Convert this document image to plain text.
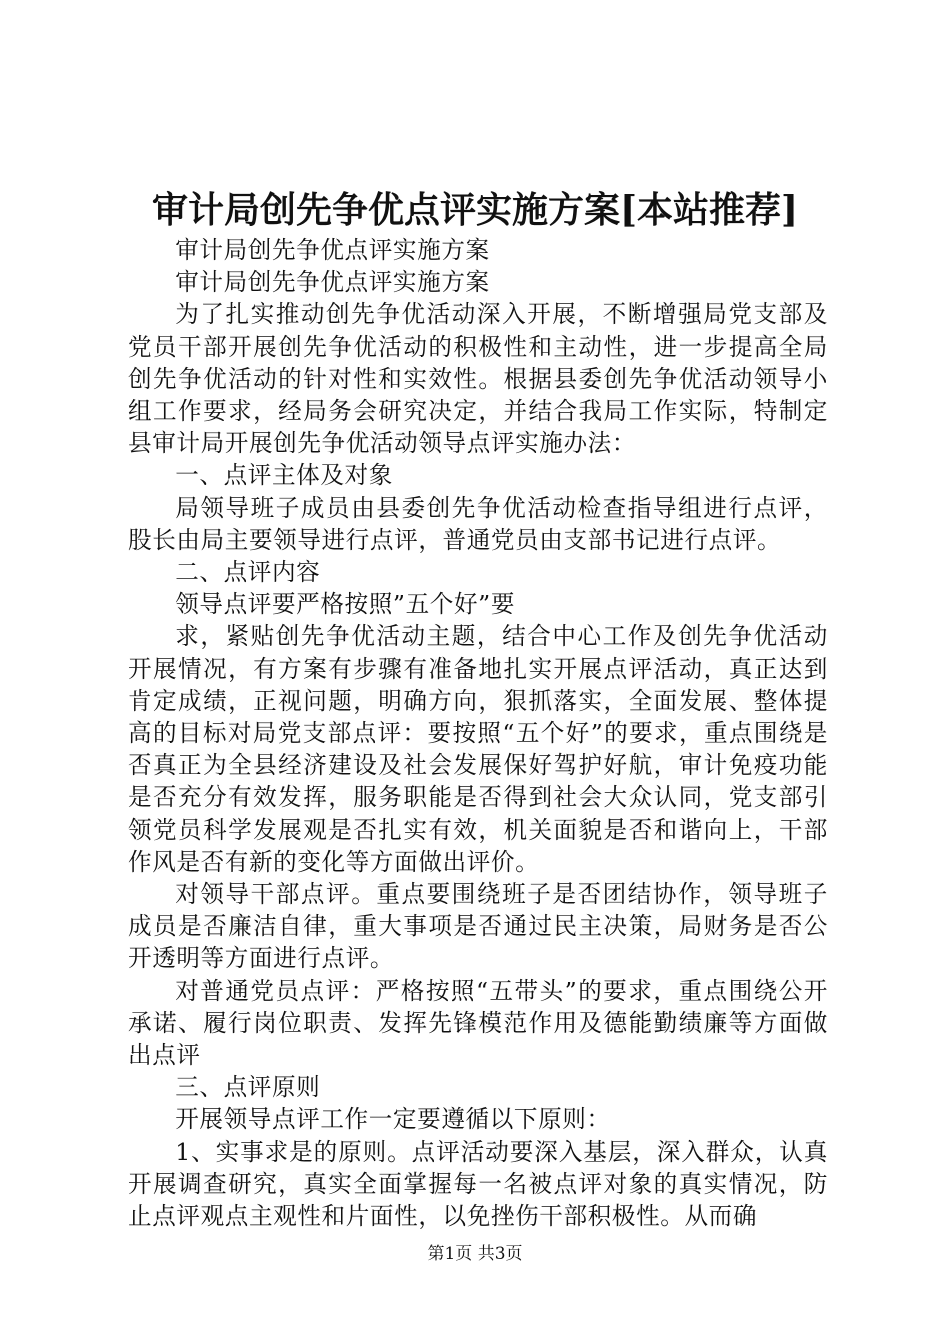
审计局创先争优点评实施方案[本站推荐]

审计局创先争优点评实施方案

审计局创先争优点评实施方案

为了扎实推动创先争优活动深入开展，不断增强局党支部及党员干部开展创先争优活动的积极性和主动性，进一步提高全局创先争优活动的针对性和实效性。根据县委创先争优活动领导小组工作要求，经局务会研究决定，并结合我局工作实际，特制定县审计局开展创先争优活动领导点评实施办法：

一、点评主体及对象

局领导班子成员由县委创先争优活动检查指导组进行点评，股长由局主要领导进行点评，普通党员由支部书记进行点评。

二、点评内容

领导点评要严格按照”五个好”要

求，紧贴创先争优活动主题，结合中心工作及创先争优活动开展情况，有方案有步骤有准备地扎实开展点评活动，真正达到肯定成绩，正视问题，明确方向，狠抓落实，全面发展、整体提高的目标对局党支部点评：要按照“五个好”的要求，重点围绕是否真正为全县经济建设及社会发展保好驾护好航，审计免疫功能是否充分有效发挥，服务职能是否得到社会大众认同，党支部引领党员科学发展观是否扎实有效，机关面貌是否和谐向上，干部作风是否有新的变化等方面做出评价。

对领导干部点评。重点要围绕班子是否团结协作，领导班子成员是否廉洁自律，重大事项是否通过民主决策，局财务是否公开透明等方面进行点评。

对普通党员点评：严格按照“五带头”的要求，重点围绕公开承诺、履行岗位职责、发挥先锋模范作用及德能勤绩廉等方面做出点评

三、点评原则

开展领导点评工作一定要遵循以下原则：

1、实事求是的原则。点评活动要深入基层，深入群众，认真开展调查研究，真实全面掌握每一名被点评对象的真实情况，防止点评观点主观性和片面性，以免挫伤干部积极性。从而确

第1页 共3页
